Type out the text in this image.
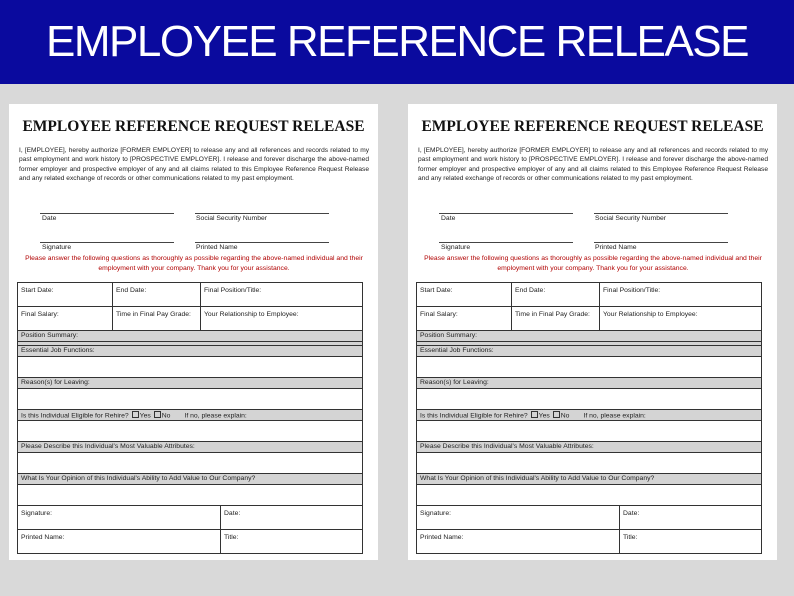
EMPLOYEE REFERENCE RELEASE
EMPLOYEE REFERENCE REQUEST RELEASE
I, [EMPLOYEE], hereby authorize [FORMER EMPLOYER] to release any and all references and records related to my past employment and work history to [PROSPECTIVE EMPLOYER]. I release and forever discharge the above-named former employer and prospective employer of any and all claims related to this Employee Reference Request Release and any related exchange of records or other communications related to my past employment.
Date	Social Security Number
Signature	Printed Name
Please answer the following questions as thoroughly as possible regarding the above-named individual and their employment with your company. Thank you for your assistance.
Start Date:	End Date:	Final Position/Title:	
Final Salary:	Time in Final Pay Grade:	Your Relationship to Employee:	
Position Summary:			

Essential Job Functions:			

Reason(s) for Leaving:			

Is this Individual Eligible for Rehire? Yes No If no, please explain:			

Please Describe this Individual's Most Valuable Attributes:			

What Is Your Opinion of this Individual's Ability to Add Value to Our Company?			

Signature:			Date:
Printed Name:			Title:
EMPLOYEE REFERENCE REQUEST RELEASE
I, [EMPLOYEE], hereby authorize [FORMER EMPLOYER] to release any and all references and records related to my past employment and work history to [PROSPECTIVE EMPLOYER]. I release and forever discharge the above-named former employer and prospective employer of any and all claims related to this Employee Reference Request Release and any related exchange of records or other communications related to my past employment.
Date	Social Security Number
Signature	Printed Name
Please answer the following questions as thoroughly as possible regarding the above-named individual and their employment with your company. Thank you for your assistance.
Start Date:	End Date:	Final Position/Title:	
Final Salary:	Time in Final Pay Grade:	Your Relationship to Employee:	
Position Summary:			

Essential Job Functions:			

Reason(s) for Leaving:			

Is this Individual Eligible for Rehire? Yes No If no, please explain:			

Please Describe this Individual's Most Valuable Attributes:			

What Is Your Opinion of this Individual's Ability to Add Value to Our Company?			

Signature:			Date:
Printed Name:			Title:
